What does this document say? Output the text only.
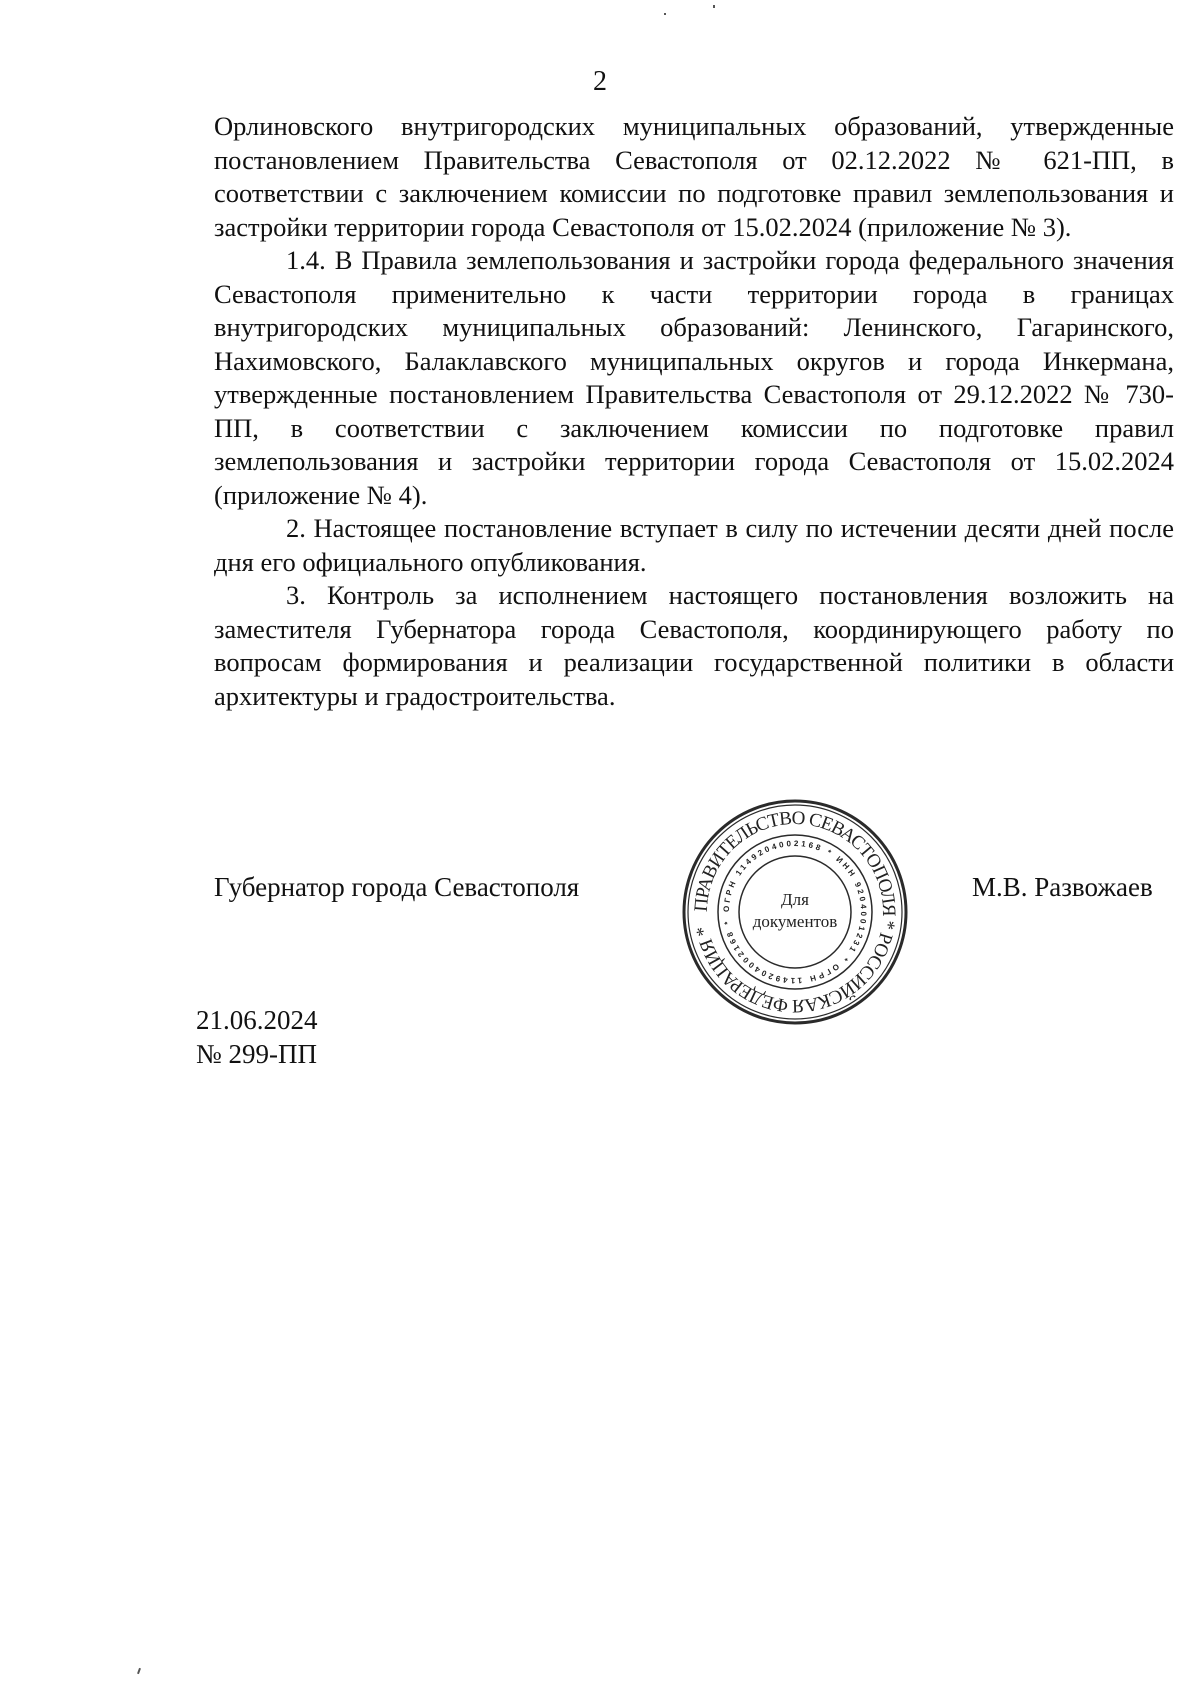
2

Орлиновского внутригородских муниципальных образований, утвержденные постановлением Правительства Севастополя от 02.12.2022 № 621-ПП, в соответствии с заключением комиссии по подготовке правил землепользования и застройки территории города Севастополя от 15.02.2024 (приложение № 3).

1.4. В Правила землепользования и застройки города федерального значения Севастополя применительно к части территории города в границах внутригородских муниципальных образований: Ленинского, Гагаринского, Нахимовского, Балаклавского муниципальных округов и города Инкермана, утвержденные постановлением Правительства Севастополя от 29.12.2022 № 730-ПП, в соответствии с заключением комиссии по подготовке правил землепользования и застройки территории города Севастополя от 15.02.2024 (приложение № 4).

2. Настоящее постановление вступает в силу по истечении десяти дней после дня его официального опубликования.

3. Контроль за исполнением настоящего постановления возложить на заместителя Губернатора города Севастополя, координирующего работу по вопросам формирования и реализации государственной политики в области архитектуры и градостроительства.

Губернатор города Севастополя
ПРАВИТЕЛЬСТВО СЕВАСТОПОЛЯ * РОССИЙСКАЯ ФЕДЕРАЦИЯ *
ОГРН 1149204002168 * ИНН 9204001231 * ОГРН 1149204002168 *
Для
документов
М.В. Развожаев
21.06.2024
№ 299-ПП
